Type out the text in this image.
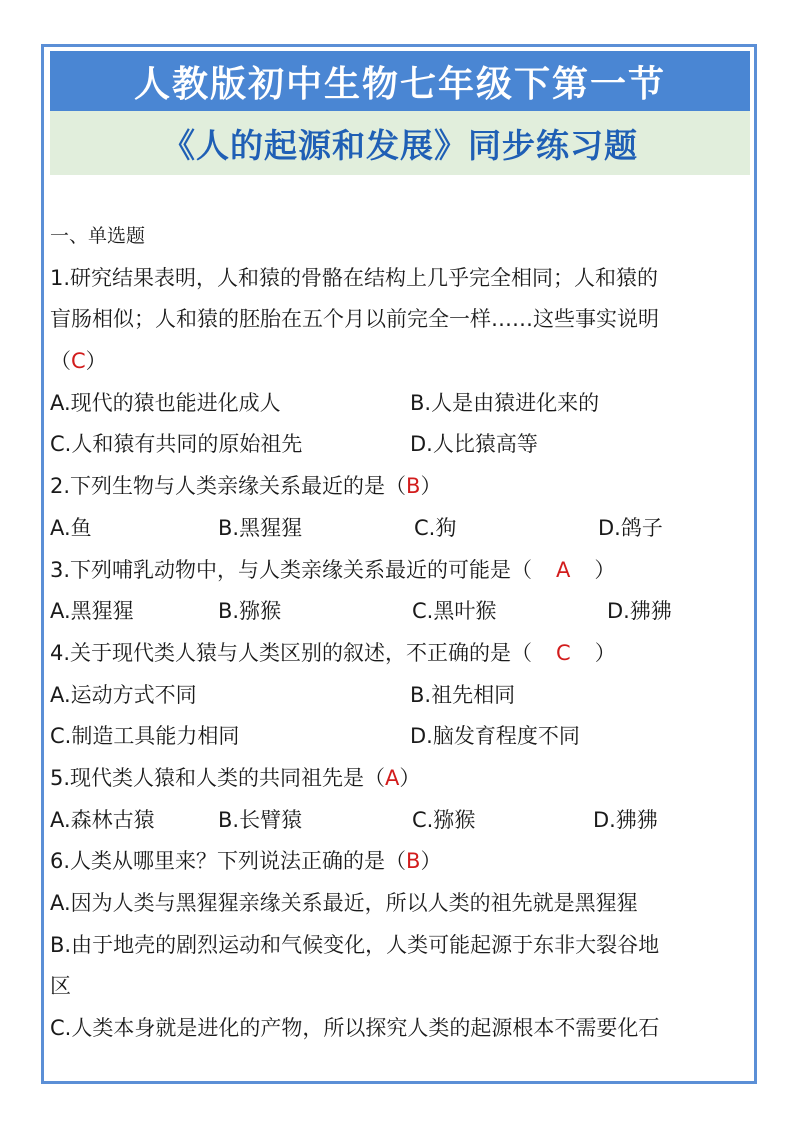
人教版初中生物七年级下第一节
《人的起源和发展》同步练习题
一、单选题
1.研究结果表明，人和猿的骨骼在结构上几乎完全相同；人和猿的
盲肠相似；人和猿的胚胎在五个月以前完全一样……这些事实说明
（C）
A.现代的猿也能进化成人	B.人是由猿进化来的
C.人和猿有共同的原始祖先	D.人比猿高等
2.下列生物与人类亲缘关系最近的是（B）
A.鱼	B.黑猩猩	C.狗	D.鸽子
3.下列哺乳动物中，与人类亲缘关系最近的可能是（ A ）
A.黑猩猩	B.猕猴	C.黑叶猴	D.狒狒
4.关于现代类人猿与人类区别的叙述，不正确的是（ C ）
A.运动方式不同	B.祖先相同
C.制造工具能力相同	D.脑发育程度不同
5.现代类人猿和人类的共同祖先是（A）
A.森林古猿	B.长臂猿	C.猕猴	D.狒狒
6.人类从哪里来？下列说法正确的是（B）
A.因为人类与黑猩猩亲缘关系最近，所以人类的祖先就是黑猩猩
B.由于地壳的剧烈运动和气候变化，人类可能起源于东非大裂谷地
区
C.人类本身就是进化的产物，所以探究人类的起源根本不需要化石
